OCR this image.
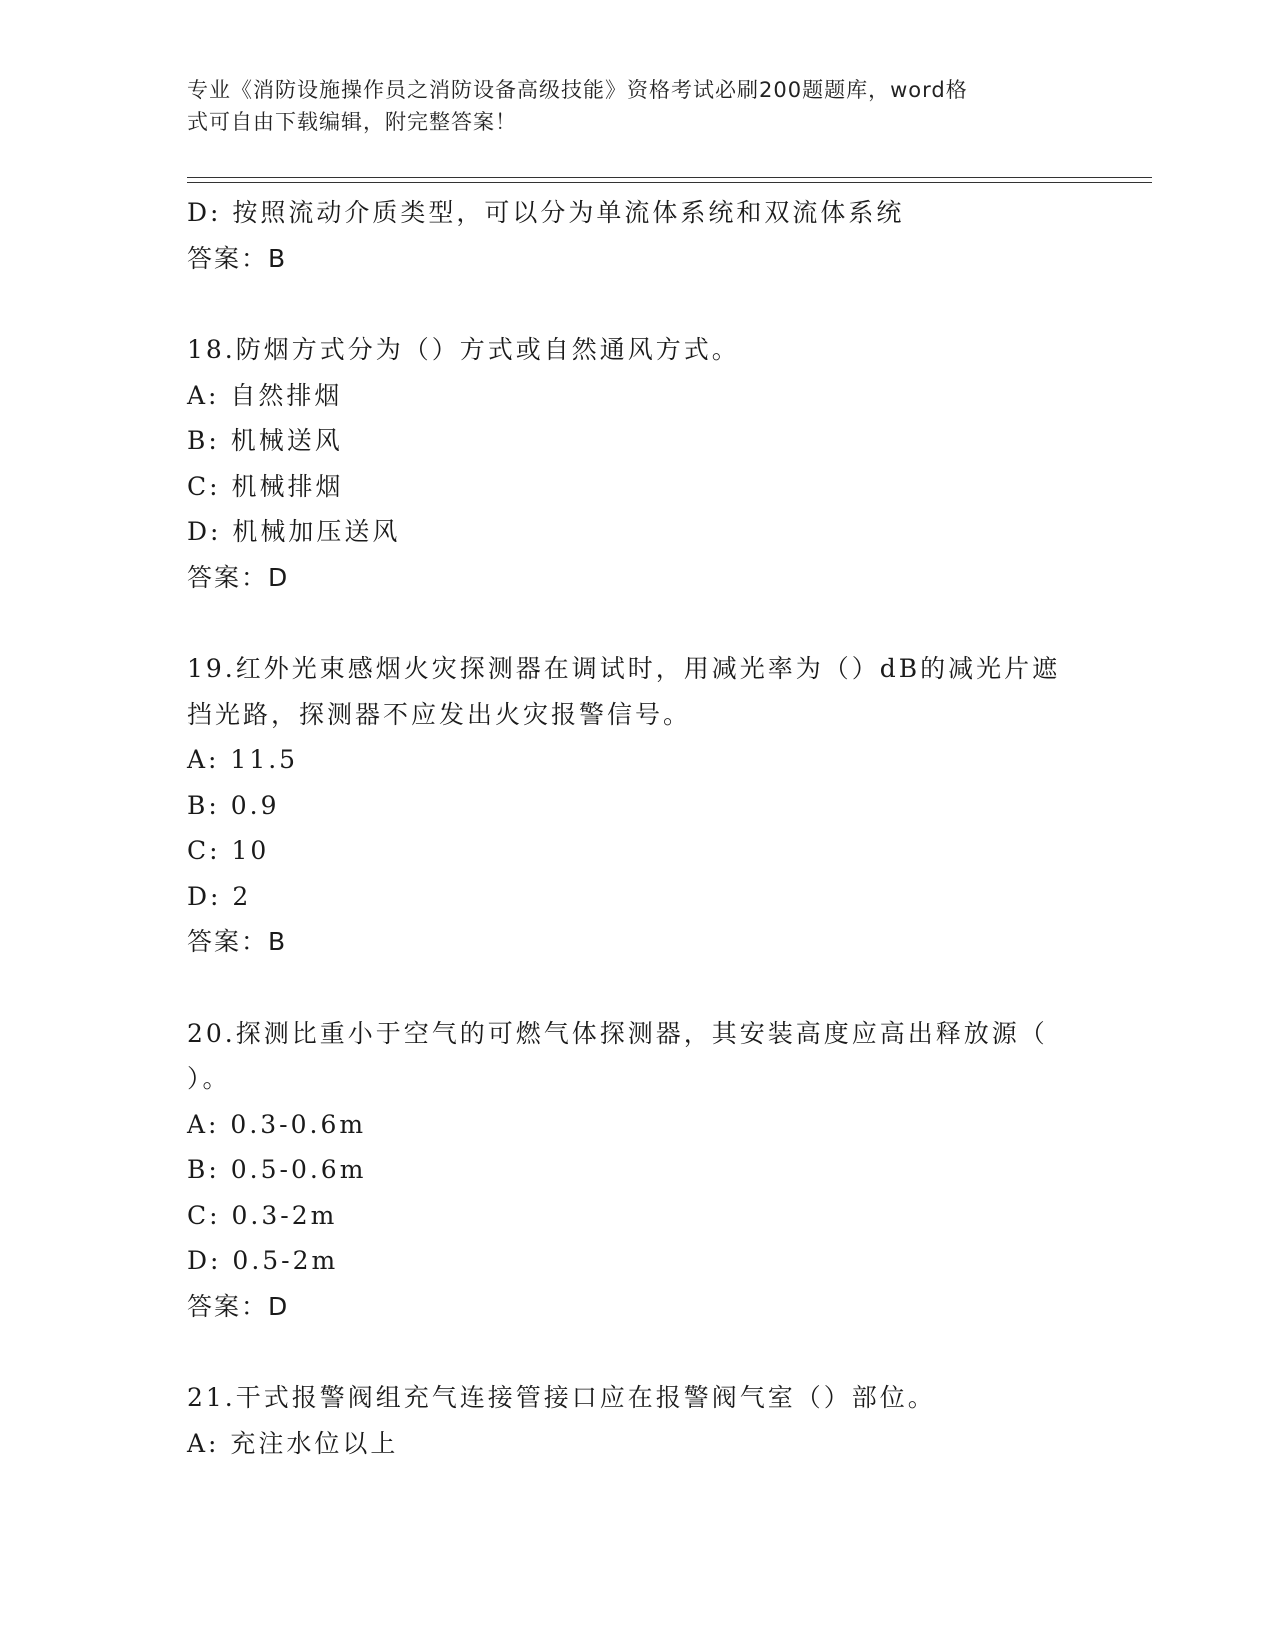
专业《消防设施操作员之消防设备高级技能》资格考试必刷200题题库，word格
式可自由下载编辑，附完整答案！
D: 按照流动介质类型，可以分为单流体系统和双流体系统
答案：B
18.防烟方式分为（）方式或自然通风方式。
A: 自然排烟
B: 机械送风
C: 机械排烟
D: 机械加压送风
答案：D
19.红外光束感烟火灾探测器在调试时，用减光率为（）dB的减光片遮
挡光路，探测器不应发出火灾报警信号。
A: 11.5
B: 0.9
C: 10
D: 2
答案：B
20.探测比重小于空气的可燃气体探测器，其安装高度应高出释放源（
）。
A: 0.3-0.6m
B: 0.5-0.6m
C: 0.3-2m
D: 0.5-2m
答案：D
21.干式报警阀组充气连接管接口应在报警阀气室（）部位。
A: 充注水位以上
